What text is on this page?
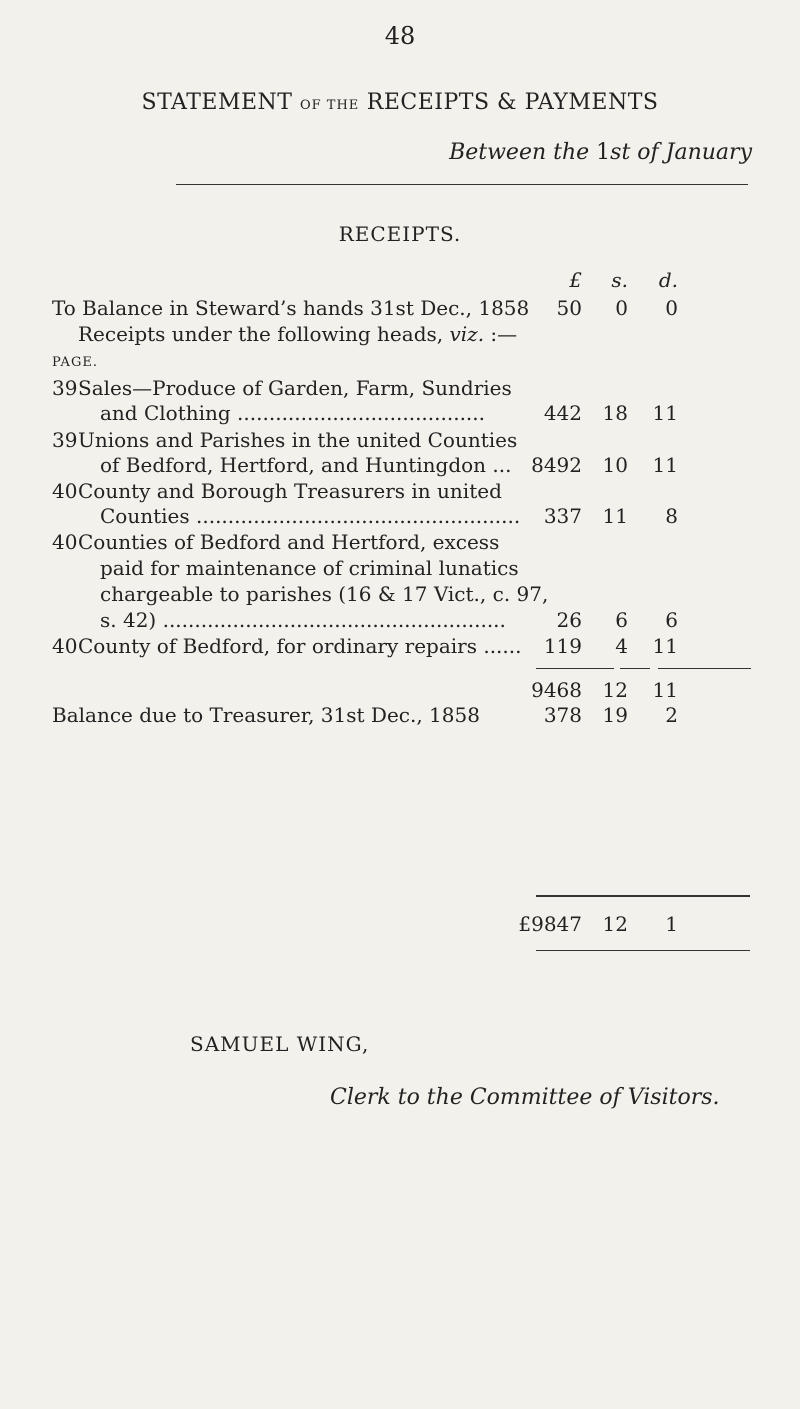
48
STATEMENT OF THE RECEIPTS & PAYMENTS
Between the 1st of January
RECEIPTS.
£	s.	d.
To Balance in Steward’s hands 31st Dec., 1858	50	0	0
Receipts under the following heads, viz. :—
PAGE.
39 Sales—Produce of Garden, Farm, Sundries
and Clothing .......................................	442	18	11
39 Unions and Parishes in the united Counties
of Bedford, Hertford, and Huntingdon ... 8492	10	11
40 County and Borough Treasurers in united
Counties ...................................................	337	11	8
40 Counties of Bedford and Hertford, excess
paid for maintenance of criminal lunatics
chargeable to parishes (16 & 17 Vict., c. 97,
s. 42) ......................................................	26	6	6
40 County of Bedford, for ordinary repairs ......	119	4	11
9468	12	11
Balance due to Treasurer, 31st Dec., 1858	378	19	2
£9847	12	1
SAMUEL WING,
Clerk to the Committee of Visitors.
